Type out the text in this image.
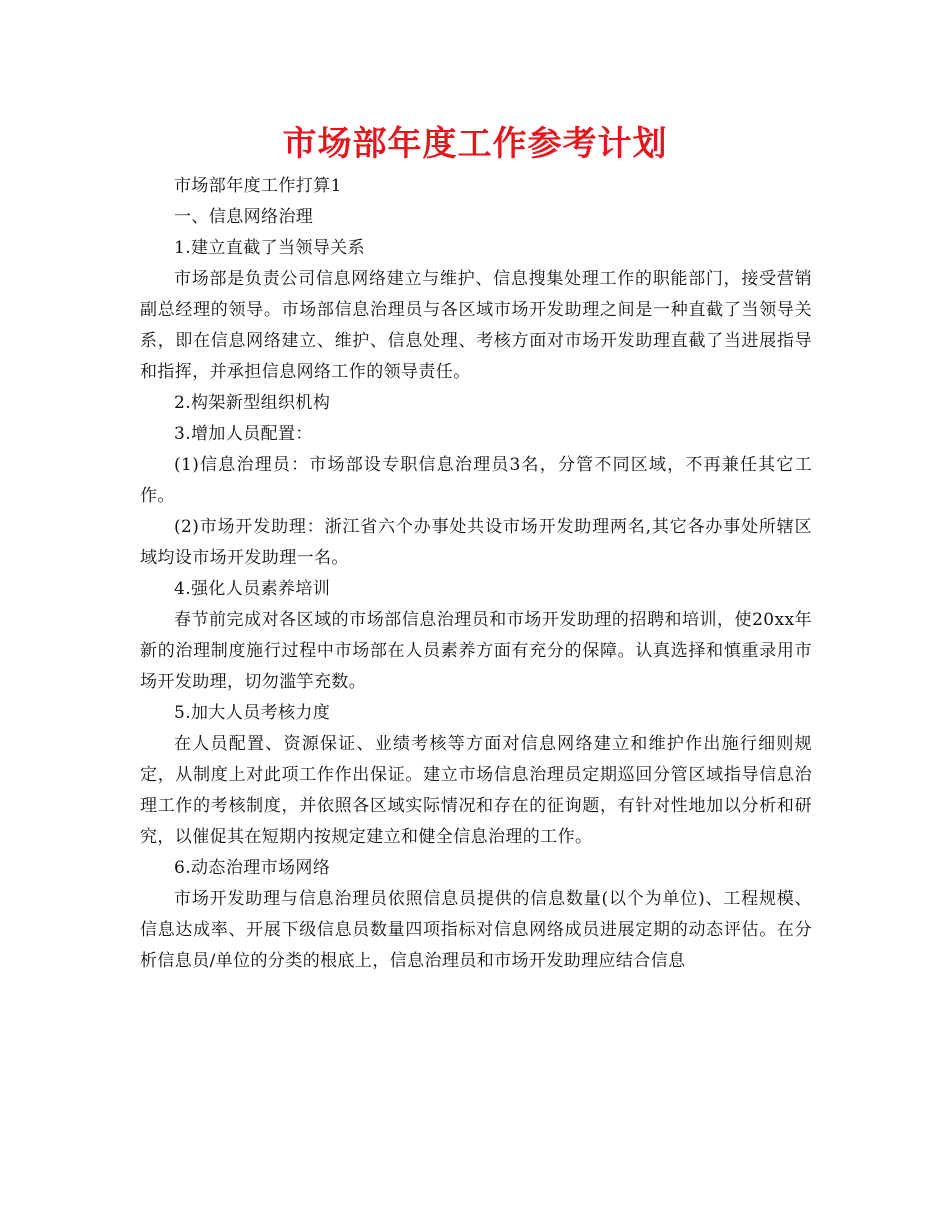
市场部年度工作参考计划

市场部年度工作打算1

一、信息网络治理

1.建立直截了当领导关系

市场部是负责公司信息网络建立与维护、信息搜集处理工作的职能部门，接受营销副总经理的领导。市场部信息治理员与各区域市场开发助理之间是一种直截了当领导关系，即在信息网络建立、维护、信息处理、考核方面对市场开发助理直截了当进展指导和指挥，并承担信息网络工作的领导责任。

2.构架新型组织机构

3.增加人员配置：

(1)信息治理员：市场部设专职信息治理员3名，分管不同区域，不再兼任其它工作。

(2)市场开发助理：浙江省六个办事处共设市场开发助理两名,其它各办事处所辖区域均设市场开发助理一名。

4.强化人员素养培训

春节前完成对各区域的市场部信息治理员和市场开发助理的招聘和培训，使20xx年新的治理制度施行过程中市场部在人员素养方面有充分的保障。认真选择和慎重录用市场开发助理，切勿滥竽充数。

5.加大人员考核力度

在人员配置、资源保证、业绩考核等方面对信息网络建立和维护作出施行细则规定，从制度上对此项工作作出保证。建立市场信息治理员定期巡回分管区域指导信息治理工作的考核制度，并依照各区域实际情况和存在的征询题，有针对性地加以分析和研究，以催促其在短期内按规定建立和健全信息治理的工作。

6.动态治理市场网络

市场开发助理与信息治理员依照信息员提供的信息数量(以个为单位)、工程规模、信息达成率、开展下级信息员数量四项指标对信息网络成员进展定期的动态评估。在分析信息员/单位的分类的根底上，信息治理员和市场开发助理应结合信息
